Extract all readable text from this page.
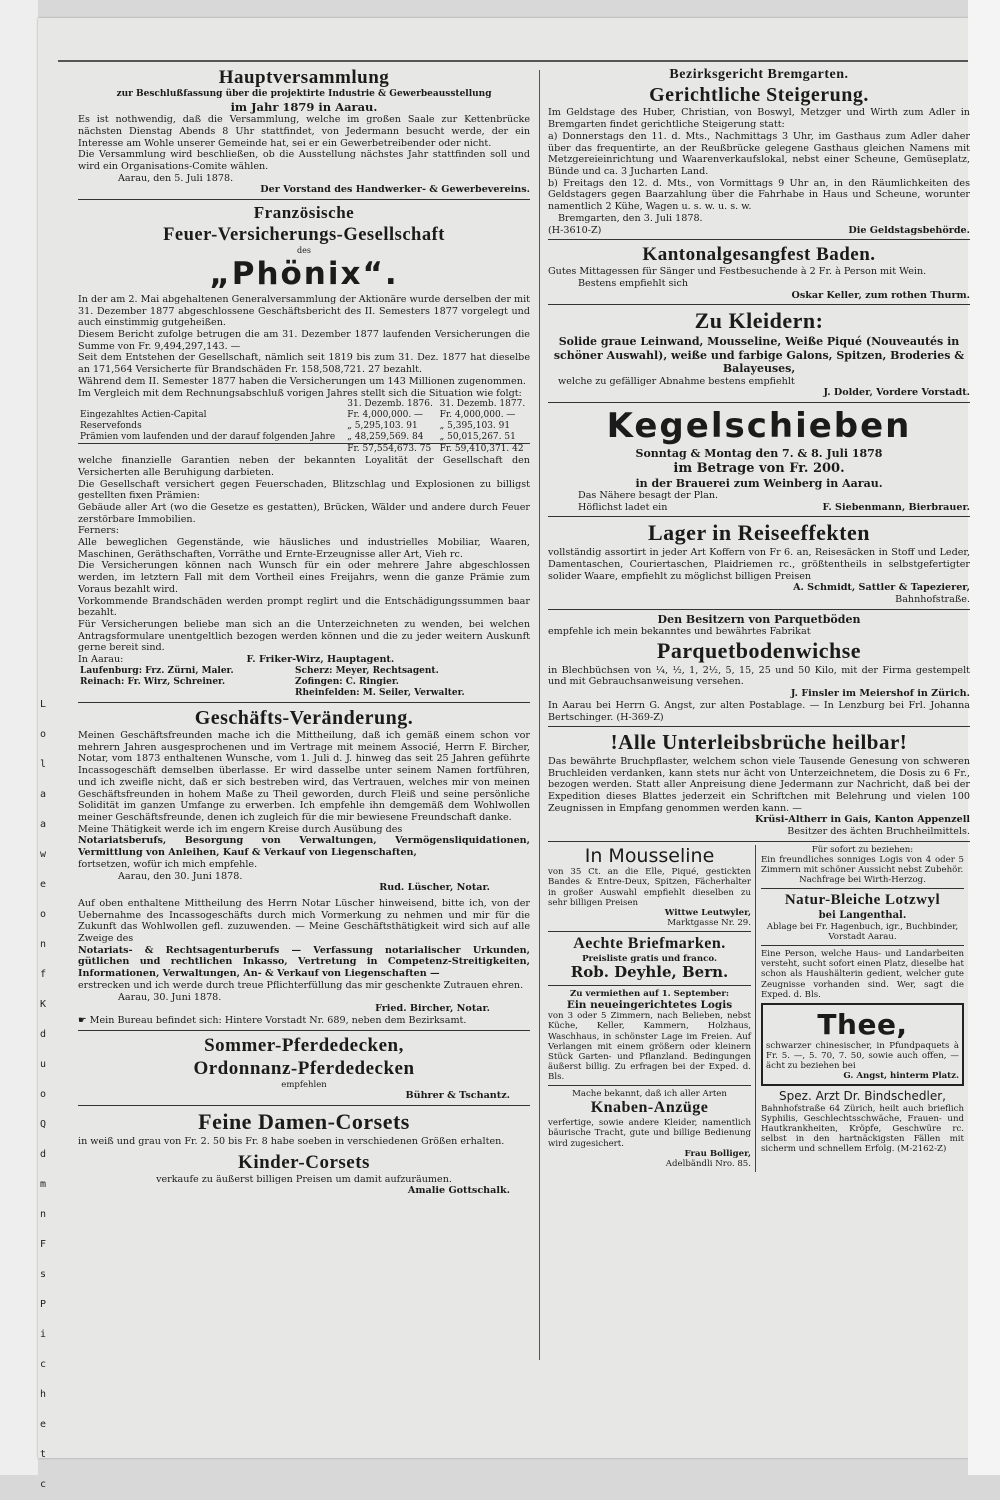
L o l a a w e o n f K d u o Q d m n F s P i c h e t c
Hauptversammlung
zur Beschlußfassung über die projektirte Industrie & Gewerbeausstellung
im Jahr 1879 in Aarau.
Es ist nothwendig, daß die Versammlung, welche im großen Saale zur Kettenbrücke nächsten Dienstag Abends 8 Uhr stattfindet, von Jedermann besucht werde, der ein Interesse am Wohle unserer Gemeinde hat, sei er ein Gewerbetreibender oder nicht.
Die Versammlung wird beschließen, ob die Ausstellung nächstes Jahr stattfinden soll und wird ein Organisations-Comite wählen.
Aarau, den 5. Juli 1878.
Der Vorstand des Handwerker- & Gewerbevereins.
Französische
Feuer-Versicherungs-Gesellschaft
des
„Phönix“.
In der am 2. Mai abgehaltenen Generalversammlung der Aktionäre wurde derselben der mit 31. Dezember 1877 abgeschlossene Geschäftsbericht des II. Semesters 1877 vorgelegt und auch einstimmig gutgeheißen.
Diesem Bericht zufolge betrugen die am 31. Dezember 1877 laufenden Versicherungen die Summe von Fr. 9,494,297,143. —
Seit dem Entstehen der Gesellschaft, nämlich seit 1819 bis zum 31. Dez. 1877 hat dieselbe an 171,564 Versicherte für Brandschäden Fr. 158,508,721. 27 bezahlt.
Während dem II. Semester 1877 haben die Versicherungen um 143 Millionen zugenommen.
Im Vergleich mit dem Rechnungsabschluß vorigen Jahres stellt sich die Situation wie folgt:
	31. Dezemb. 1876.	31. Dezemb. 1877.
Eingezahltes Actien-Capital	Fr. 4,000,000. —	Fr. 4,000,000. —
Reservefonds	„ 5,295,103. 91	„ 5,395,103. 91
Prämien vom laufenden und der darauf folgenden Jahre	„ 48,259,569. 84	„ 50,015,267. 51
	Fr. 57,554,673. 75	Fr. 59,410,371. 42
welche finanzielle Garantien neben der bekannten Loyalität der Gesellschaft den Versicherten alle Beruhigung darbieten.
Die Gesellschaft versichert gegen Feuerschaden, Blitzschlag und Explosionen zu billigst gestellten fixen Prämien:
Gebäude aller Art (wo die Gesetze es gestatten), Brücken, Wälder und andere durch Feuer zerstörbare Immobilien.
Ferners:
Alle beweglichen Gegenstände, wie häusliches und industrielles Mobiliar, Waaren, Maschinen, Geräthschaften, Vorräthe und Ernte-Erzeugnisse aller Art, Vieh rc.
Die Versicherungen können nach Wunsch für ein oder mehrere Jahre abgeschlossen werden, im letztern Fall mit dem Vortheil eines Freijahrs, wenn die ganze Prämie zum Voraus bezahlt wird.
Vorkommende Brandschäden werden prompt reglirt und die Entschädigungssummen baar bezahlt.
Für Versicherungen beliebe man sich an die Unterzeichneten zu wenden, bei welchen Antragsformulare unentgeltlich bezogen werden können und die zu jeder weitern Auskunft gerne bereit sind.
In Aarau:	F. Friker-Wirz, Hauptagent.
Laufenburg: Frz. Zürni, Maler.	Scherz: Meyer, Rechtsagent.
Reinach: Fr. Wirz, Schreiner.	Zofingen: C. Ringier.
	Rheinfelden: M. Seiler, Verwalter.
Geschäfts-Veränderung.
Meinen Geschäftsfreunden mache ich die Mittheilung, daß ich gemäß einem schon vor mehrern Jahren ausgesprochenen und im Vertrage mit meinem Associé, Herrn F. Bircher, Notar, vom 1873 enthaltenen Wunsche, vom 1. Juli d. J. hinweg das seit 25 Jahren geführte Incassogeschäft demselben überlasse. Er wird dasselbe unter seinem Namen fortführen, und ich zweifle nicht, daß er sich bestreben wird, das Vertrauen, welches mir von meinen Geschäftsfreunden in hohem Maße zu Theil geworden, durch Fleiß und seine persönliche Solidität im ganzen Umfange zu erwerben. Ich empfehle ihn demgemäß dem Wohlwollen meiner Geschäftsfreunde, denen ich zugleich für die mir bewiesene Freundschaft danke.
Meine Thätigkeit werde ich im engern Kreise durch Ausübung des
Notariatsberufs, Besorgung von Verwaltungen, Vermögensliquidationen, Vermittlung von Anleihen, Kauf & Verkauf von Liegenschaften,
fortsetzen, wofür ich mich empfehle.
Aarau, den 30. Juni 1878.
Rud. Lüscher, Notar.
Auf oben enthaltene Mittheilung des Herrn Notar Lüscher hinweisend, bitte ich, von der Uebernahme des Incassogeschäfts durch mich Vormerkung zu nehmen und mir für die Zukunft das Wohlwollen gefl. zuzuwenden. — Meine Geschäftsthätigkeit wird sich auf alle Zweige des
Notariats- & Rechtsagenturberufs — Verfassung notarialischer Urkunden, gütlichen und rechtlichen Inkasso, Vertretung in Competenz-Streitigkeiten, Informationen, Verwaltungen, An- & Verkauf von Liegenschaften —
erstrecken und ich werde durch treue Pflichterfüllung das mir geschenkte Zutrauen ehren.
Aarau, 30. Juni 1878.
Fried. Bircher, Notar.
☛ Mein Bureau befindet sich: Hintere Vorstadt Nr. 689, neben dem Bezirksamt.
Sommer-Pferdedecken,
Ordonnanz-Pferdedecken
empfehlen
Bührer & Tschantz.
Feine Damen-Corsets
in weiß und grau von Fr. 2. 50 bis Fr. 8 habe soeben in verschiedenen Größen erhalten.
Kinder-Corsets
verkaufe zu äußerst billigen Preisen um damit aufzuräumen.
Amalie Gottschalk.
Bezirksgericht Bremgarten.
Gerichtliche Steigerung.
Im Geldstage des Huber, Christian, von Boswyl, Metzger und Wirth zum Adler in Bremgarten findet gerichtliche Steigerung statt:
a) Donnerstags den 11. d. Mts., Nachmittags 3 Uhr, im Gasthaus zum Adler daher über das frequentirte, an der Reußbrücke gelegene Gasthaus gleichen Namens mit Metzgereieinrichtung und Waarenverkaufslokal, nebst einer Scheune, Gemüseplatz, Bünde und ca. 3 Jucharten Land.
b) Freitags den 12. d. Mts., von Vormittags 9 Uhr an, in den Räumlichkeiten des Geldstagers gegen Baarzahlung über die Fahrhabe in Haus und Scheune, worunter namentlich 2 Kühe, Wagen u. s. w. u. s. w.
Bremgarten, den 3. Juli 1878.
(H-3610-Z)	Die Geldstagsbehörde.
Kantonalgesangfest Baden.
Gutes Mittagessen für Sänger und Festbesuchende à 2 Fr. à Person mit Wein.
Bestens empfiehlt sich
Oskar Keller, zum rothen Thurm.
Zu Kleidern:
Solide graue Leinwand, Mousseline, Weiße Piqué (Nouveautés in schöner Auswahl), weiße und farbige Galons, Spitzen, Broderies & Balayeuses,
welche zu gefälliger Abnahme bestens empfiehlt
J. Dolder, Vordere Vorstadt.
Kegelschieben
Sonntag & Montag den 7. & 8. Juli 1878
im Betrage von Fr. 200.
in der Brauerei zum Weinberg in Aarau.
Das Nähere besagt der Plan.
Höflichst ladet ein	F. Siebenmann, Bierbrauer.
Lager in Reiseeffekten
vollständig assortirt in jeder Art Koffern von Fr 6. an, Reisesäcken in Stoff und Leder, Damentaschen, Couriertaschen, Plaidriemen rc., größtentheils in selbstgefertigter solider Waare, empfiehlt zu möglichst billigen Preisen
A. Schmidt, Sattler & Tapezierer,
Bahnhofstraße.
Den Besitzern von Parquetböden
empfehle ich mein bekanntes und bewährtes Fabrikat
Parquetbodenwichse
in Blechbüchsen von ¼, ½, 1, 2½, 5, 15, 25 und 50 Kilo, mit der Firma gestempelt und mit Gebrauchsanweisung versehen.
J. Finsler im Meiershof in Zürich.
In Aarau bei Herrn G. Angst, zur alten Postablage. — In Lenzburg bei Frl. Johanna Bertschinger. (H-369-Z)
!Alle Unterleibsbrüche heilbar!
Das bewährte Bruchpflaster, welchem schon viele Tausende Genesung von schweren Bruchleiden verdanken, kann stets nur ächt von Unterzeichnetem, die Dosis zu 6 Fr., bezogen werden. Statt aller Anpreisung diene Jedermann zur Nachricht, daß bei der Expedition dieses Blattes jederzeit ein Schriftchen mit Belehrung und vielen 100 Zeugnissen in Empfang genommen werden kann. —
Krüsi-Altherr in Gais, Kanton Appenzell
Besitzer des ächten Bruchheilmittels.
In Mousseline
von 35 Ct. an die Elle, Piqué, gestickten Bandes & Entre-Deux, Spitzen, Fächerhalter in großer Auswahl empfiehlt dieselben zu sehr billigen Preisen
Wittwe Leutwyler,
Marktgasse Nr. 29.
Aechte Briefmarken.
Preisliste gratis und franco.
Rob. Deyhle, Bern.
Zu vermiethen auf 1. September:
Ein neueingerichtetes Logis
von 3 oder 5 Zimmern, nach Belieben, nebst Küche, Keller, Kammern, Holzhaus, Waschhaus, in schönster Lage im Freien. Auf Verlangen mit einem größern oder kleinern Stück Garten- und Pflanzland. Bedingungen äußerst billig. Zu erfragen bei der Exped. d. Bls.
Mache bekannt, daß ich aller Arten
Knaben-Anzüge
verfertige, sowie andere Kleider, namentlich bäurische Tracht, gute und billige Bedienung wird zugesichert.
Frau Bolliger,
Adelbändli Nro. 85.
Für sofort zu beziehen:
Ein freundliches sonniges Logis von 4 oder 5 Zimmern mit schöner Aussicht nebst Zubehör.
Nachfrage bei Wirth-Herzog.
Natur-Bleiche Lotzwyl
bei Langenthal.
Ablage bei Fr. Hagenbuch, igr., Buchbinder, Vorstadt Aarau.
Eine Person, welche Haus- und Landarbeiten versteht, sucht sofort einen Platz, dieselbe hat schon als Haushälterin gedient, welcher gute Zeugnisse vorhanden sind. Wer, sagt die Exped. d. Bls.
Thee,
schwarzer chinesischer, in Pfundpaquets à Fr. 5. —, 5. 70, 7. 50, sowie auch offen, — ächt zu beziehen bei
G. Angst, hinterm Platz.
Spez. Arzt Dr. Bindschedler,
Bahnhofstraße 64 Zürich, heilt auch brieflich Syphilis, Geschlechtsschwäche, Frauen- und Hautkrankheiten, Kröpfe, Geschwüre rc. selbst in den hartnäckigsten Fällen mit sicherm und schnellem Erfolg. (M-2162-Z)
